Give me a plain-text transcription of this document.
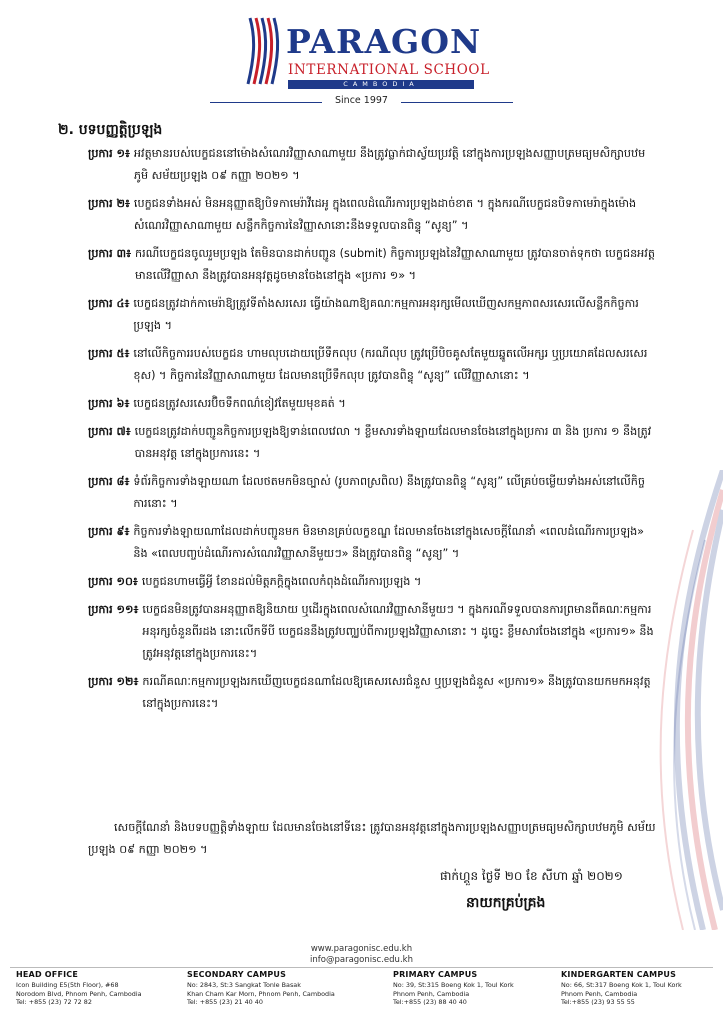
PARAGON
INTERNATIONAL SCHOOL
CAMBODIA
Since 1997
២. បទបញ្ញត្តិប្រឡង
ប្រការ ១៖ អវត្តមានរបស់បេក្ខជននៅម៉ោងសំណេរវិញ្ញាសាណាមួយ នឹងត្រូវធ្លាក់ជាស្វ័យប្រវត្តិ នៅក្នុងការប្រឡងសញ្ញាបត្រមធ្យមសិក្សាបឋមភូមិ សម័យប្រឡង ០៩ កញ្ញា ២០២១ ។
ប្រការ ២៖ បេក្ខជនទាំងអស់ មិនអនុញ្ញាតឱ្យបិទកាមេរ៉ាវីដេអូ ក្នុងពេលដំណើរការប្រឡងដាច់ខាត ។ ក្នុងករណីបេក្ខជនបិទកាមេរ៉ាក្នុងម៉ោងសំណេរវិញ្ញាសាណាមួយ សន្លឹកកិច្ចការនៃវិញ្ញាសានោះនឹងទទួលបានពិន្ទុ “សូន្យ” ។
ប្រការ ៣៖ ករណីបេក្ខជនចូលរួមប្រឡង តែមិនបានដាក់បញ្ជូន (submit) កិច្ចការប្រឡងនៃវិញ្ញាសាណាមួយ ត្រូវបានចាត់ទុកថា បេក្ខជនអវត្តមានលើវិញ្ញាសា នឹងត្រូវបានអនុវត្តដូចមានចែងនៅក្នុង «ប្រការ ១» ។
ប្រការ ៤៖ បេក្ខជនត្រូវដាក់កាមេរ៉ាឱ្យត្រូវទីតាំងសរសេរ ធ្វើយ៉ាងណាឱ្យគណៈកម្មការអនុរក្សមើលឃើញសកម្មភាពសរសេរលើសន្លឹកកិច្ចការប្រឡង ។
ប្រការ ៥៖ នៅលើកិច្ចការរបស់បេក្ខជន ហាមលុបដោយប្រើទឹកលុប (ករណីលុប ត្រូវប្រើបិចគូសតែមួយឆ្នូតលើអក្សរ ឬប្រយោគដែលសរសេរខុស) ។ កិច្ចការនៃវិញ្ញាសាណាមួយ ដែលមានប្រើទឹកលុប ត្រូវបានពិន្ទុ “សូន្យ” លើវិញ្ញាសានោះ ។
ប្រការ ៦៖ បេក្ខជនត្រូវសរសេរប៊ិចទឹកពណ៌ខៀវតែមួយមុខគត់ ។
ប្រការ ៧៖ បេក្ខជនត្រូវដាក់បញ្ជូនកិច្ចការប្រឡងឱ្យទាន់ពេលវេលា ។ ខ្លឹមសារទាំងឡាយដែលមានចែងនៅក្នុងប្រការ ៣ និង ប្រការ ១ នឹងត្រូវបានអនុវត្ត នៅក្នុងប្រការនេះ ។
ប្រការ ៨៖ ទំព័រកិច្ចការទាំងឡាយណា ដែលថតមកមិនច្បាស់ (រូបភាពស្រពិល) នឹងត្រូវបានពិន្ទុ “សូន្យ” លើគ្រប់ចម្លើយទាំងអស់នៅលើកិច្ចការនោះ ។
ប្រការ ៩៖ កិច្ចការទាំងឡាយណាដែលដាក់បញ្ជូនមក មិនមានគ្រប់លក្ខខណ្ឌ ដែលមានចែងនៅក្នុងសេចក្តីណែនាំ «ពេលដំណើរការប្រឡង» និង «ពេលបញ្ចប់ដំណើរការសំណេរវិញ្ញាសានីមួយៗ» នឹងត្រូវបានពិន្ទុ “សូន្យ” ។
ប្រការ ១០៖ បេក្ខជនហាមធ្វើអ្វី ខែានដល់មិត្តភក្តិក្នុងពេលកំពុងដំណើរការប្រឡង ។
ប្រការ ១១៖ បេក្ខជនមិនត្រូវបានអនុញ្ញាតឱ្យនិយាយ ឬដើរក្នុងពេលសំណេរវិញ្ញាសានីមួយៗ ។ ក្នុងករណីទទួលបានការព្រមានពីគណៈកម្មការអនុរក្សចំនួនពីរដង នោះលើកទីបី បេក្ខជននឹងត្រូវបញ្ឈប់ពីការប្រឡងវិញ្ញាសានោះ ។ ដូច្នេះ ខ្លឹមសារចែងនៅក្នុង «ប្រការ១» នឹងត្រូវអនុវត្តនៅក្នុងប្រការនេះ។
ប្រការ ១២៖ ករណីគណៈកម្មការប្រឡងរកឃើញបេក្ខជនណាដែលឱ្យគេសរសេរជំនួស ឬប្រឡងជំនួស «ប្រការ១» នឹងត្រូវបានយកមកអនុវត្ត នៅក្នុងប្រការនេះ។
សេចក្តីណែនាំ និងបទបញ្ញត្តិទាំងឡាយ ដែលមានចែងនៅទីនេះ ត្រូវបានអនុវត្តនៅក្នុងការប្រឡងសញ្ញាបត្រមធ្យមសិក្សាបឋមភូមិ សម័យប្រឡង ០៩ កញ្ញា ២០២១ ។
ផាក់ហ្គួន ថ្ងៃទី ២០ ខែ សីហា ឆ្នាំ ២០២១
នាយកគ្រប់គ្រង
www.paragonisc.edu.kh
info@paragonisc.edu.kh
HEAD OFFICE
Icon Building E5(5th Floor), #68
Norodom Blvd, Phnom Penh, Cambodia
Tel: +855 (23) 72 72 82
SECONDARY CAMPUS
No: 2843, St:3 Sangkat Tonle Basak
Khan Cham Kar Morn, Phnom Penh, Cambodia
Tel: +855 (23) 21 40 40
PRIMARY CAMPUS
No: 39, St:315 Boeng Kok 1, Toul Kork
Phnom Penh, Cambodia
Tel:+855 (23) 88 40 40
KINDERGARTEN CAMPUS
No: 66, St:317 Boeng Kok 1, Toul Kork
Phnom Penh, Cambodia
Tel:+855 (23) 93 55 55
